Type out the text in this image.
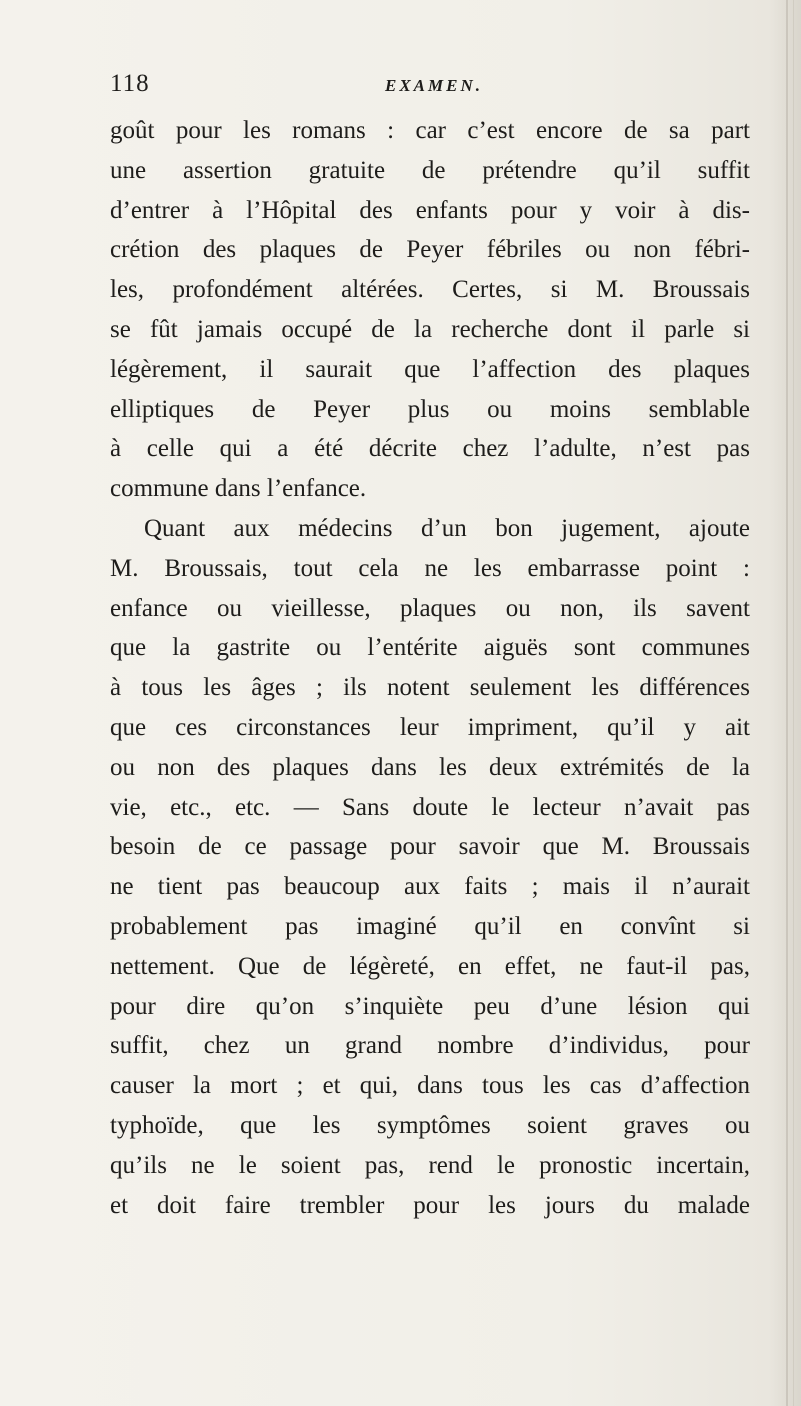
118	EXAMEN.
goût pour les romans : car c’est encore de sa part
une assertion gratuite de prétendre qu’il suffit
d’entrer à l’Hôpital des enfants pour y voir à dis-
crétion des plaques de Peyer fébriles ou non fébri-
les, profondément altérées. Certes, si M. Broussais
se fût jamais occupé de la recherche dont il parle si
légèrement, il saurait que l’affection des plaques
elliptiques de Peyer plus ou moins semblable
à celle qui a été décrite chez l’adulte, n’est pas
commune dans l’enfance.
Quant aux médecins d’un bon jugement, ajoute
M. Broussais, tout cela ne les embarrasse point :
enfance ou vieillesse, plaques ou non, ils savent
que la gastrite ou l’entérite aiguës sont communes
à tous les âges ; ils notent seulement les différences
que ces circonstances leur impriment, qu’il y ait
ou non des plaques dans les deux extrémités de la
vie, etc., etc. — Sans doute le lecteur n’avait pas
besoin de ce passage pour savoir que M. Broussais
ne tient pas beaucoup aux faits ; mais il n’aurait
probablement pas imaginé qu’il en convînt si
nettement. Que de légèreté, en effet, ne faut-il pas,
pour dire qu’on s’inquiète peu d’une lésion qui
suffit, chez un grand nombre d’individus, pour
causer la mort ; et qui, dans tous les cas d’affection
typhoïde, que les symptômes soient graves ou
qu’ils ne le soient pas, rend le pronostic incertain,
et doit faire trembler pour les jours du malade
